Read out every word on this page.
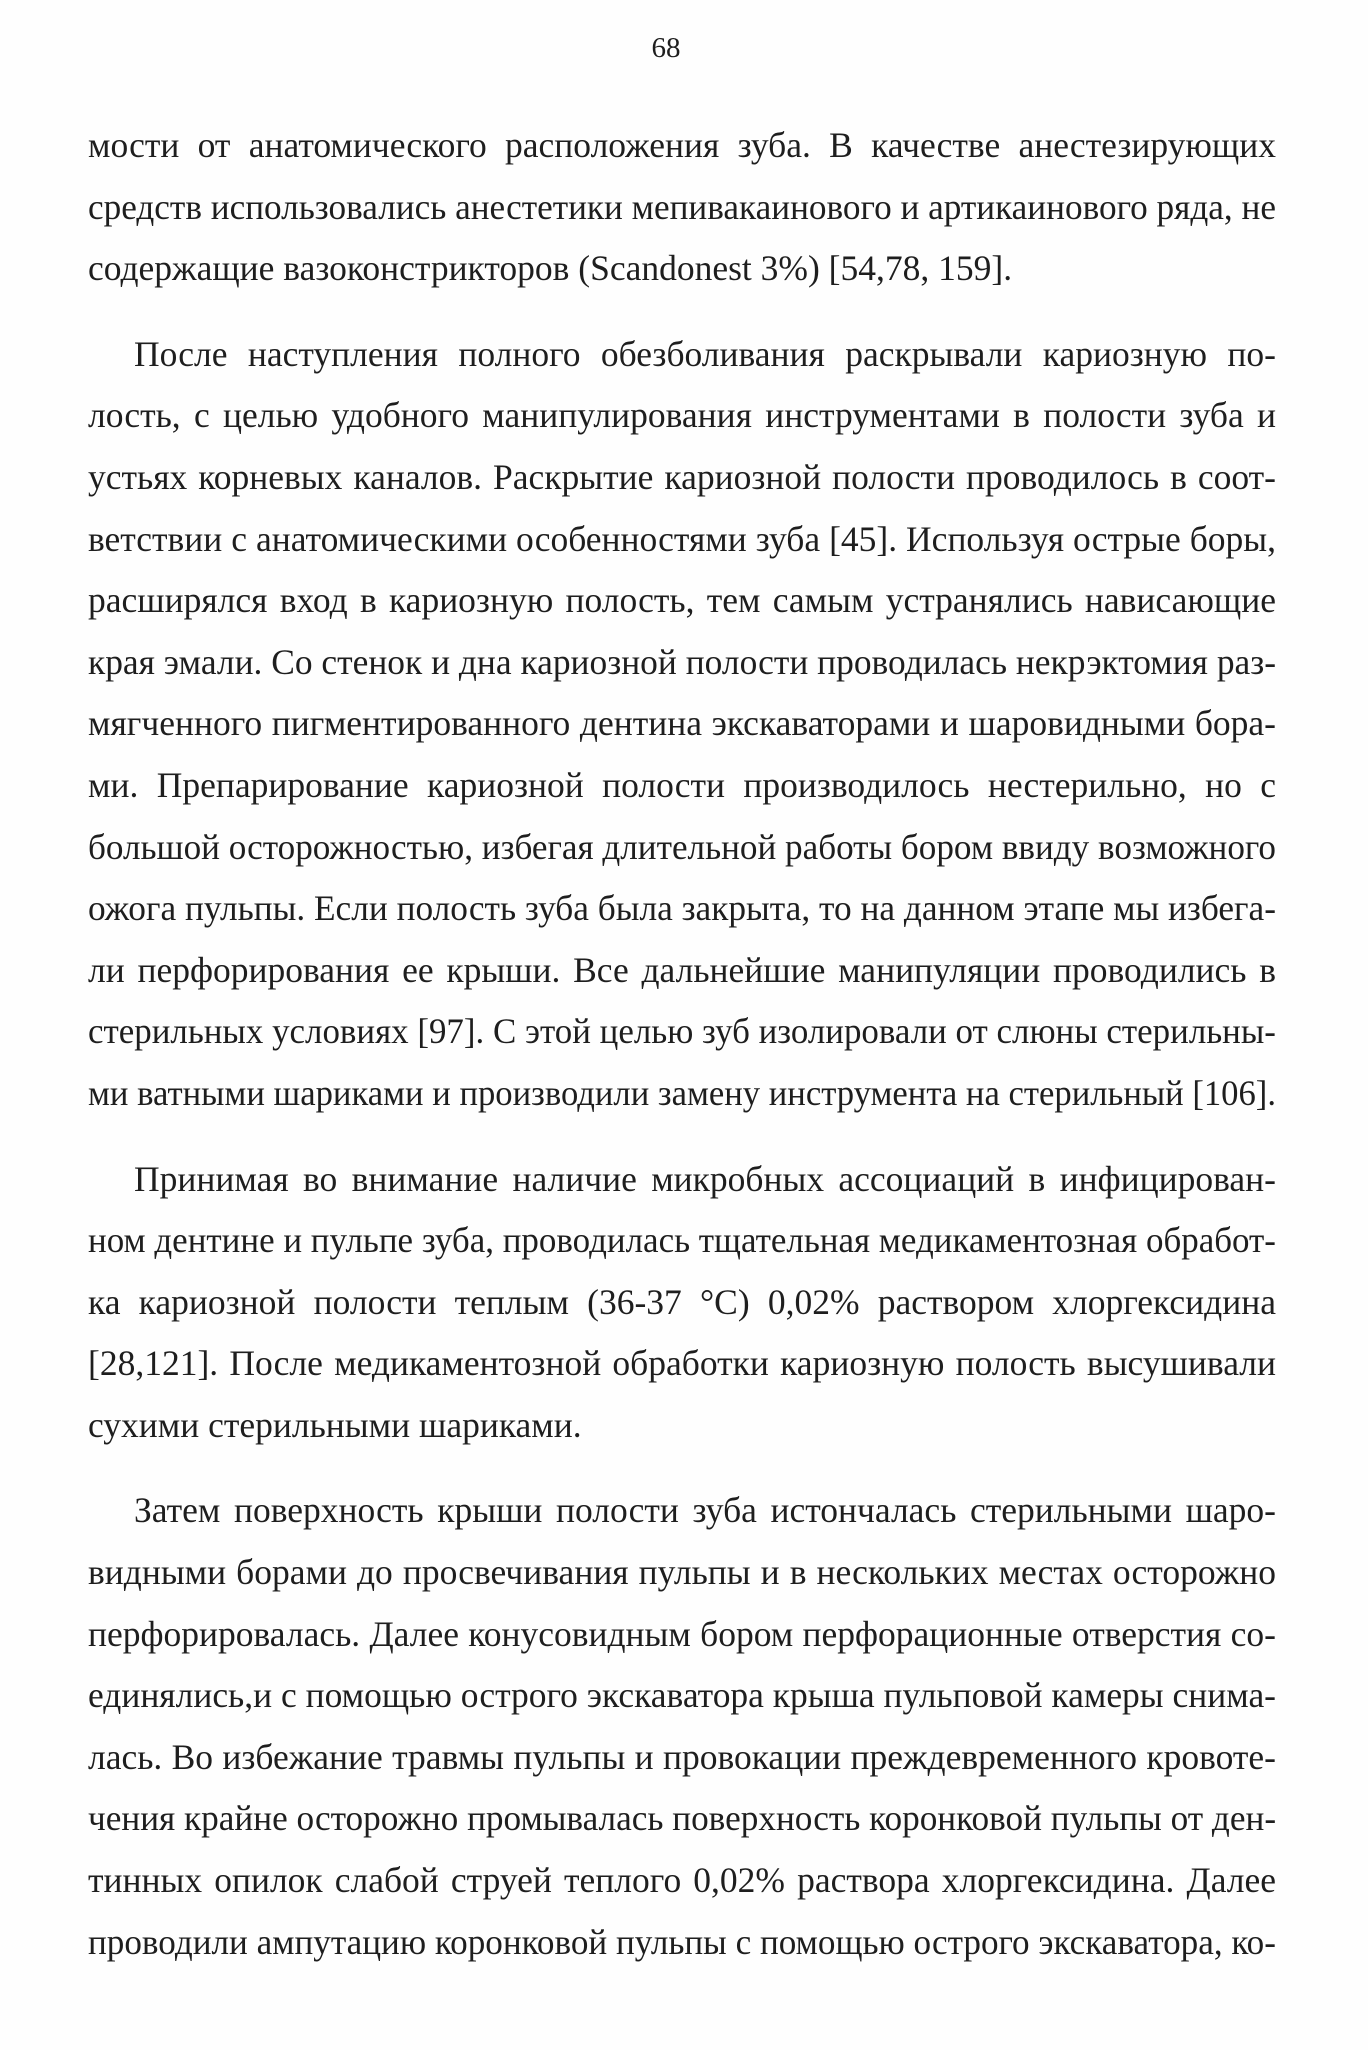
68

мости от анатомического расположения зуба. В качестве анестезирующих
средств использовались анестетики мепивакаинового и артикаинового ряда, не
содержащие вазоконстрикторов (Scandonest 3%) [54,78, 159].

После наступления полного обезболивания раскрывали кариозную по-
лость, с целью удобного манипулирования инструментами в полости зуба и
устьях корневых каналов. Раскрытие кариозной полости проводилось в соот-
ветствии с анатомическими особенностями зуба [45]. Используя острые боры,
расширялся вход в кариозную полость, тем самым устранялись нависающие
края эмали. Со стенок и дна кариозной полости проводилась некрэктомия раз-
мягченного пигментированного дентина экскаваторами и шаровидными бора-
ми. Препарирование кариозной полости производилось нестерильно, но с
большой осторожностью, избегая длительной работы бором ввиду возможного
ожога пульпы. Если полость зуба была закрыта, то на данном этапе мы избега-
ли перфорирования ее крыши. Все дальнейшие манипуляции проводились в
стерильных условиях [97]. С этой целью зуб изолировали от слюны стерильны-
ми ватными шариками и производили замену инструмента на стерильный [106].

Принимая во внимание наличие микробных ассоциаций в инфицирован-
ном дентине и пульпе зуба, проводилась тщательная медикаментозная обработ-
ка кариозной полости теплым (36-37 °С) 0,02% раствором хлоргексидина
[28,121]. После медикаментозной обработки кариозную полость высушивали
сухими стерильными шариками.

Затем поверхность крыши полости зуба истончалась стерильными шаро-
видными борами до просвечивания пульпы и в нескольких местах осторожно
перфорировалась. Далее конусовидным бором перфорационные отверстия со-
единялись,и с помощью острого экскаватора крыша пульповой камеры снима-
лась. Во избежание травмы пульпы и провокации преждевременного кровоте-
чения крайне осторожно промывалась поверхность коронковой пульпы от ден-
тинных опилок слабой струей теплого 0,02% раствора хлоргексидина. Далее
проводили ампутацию коронковой пульпы с помощью острого экскаватора, ко-
